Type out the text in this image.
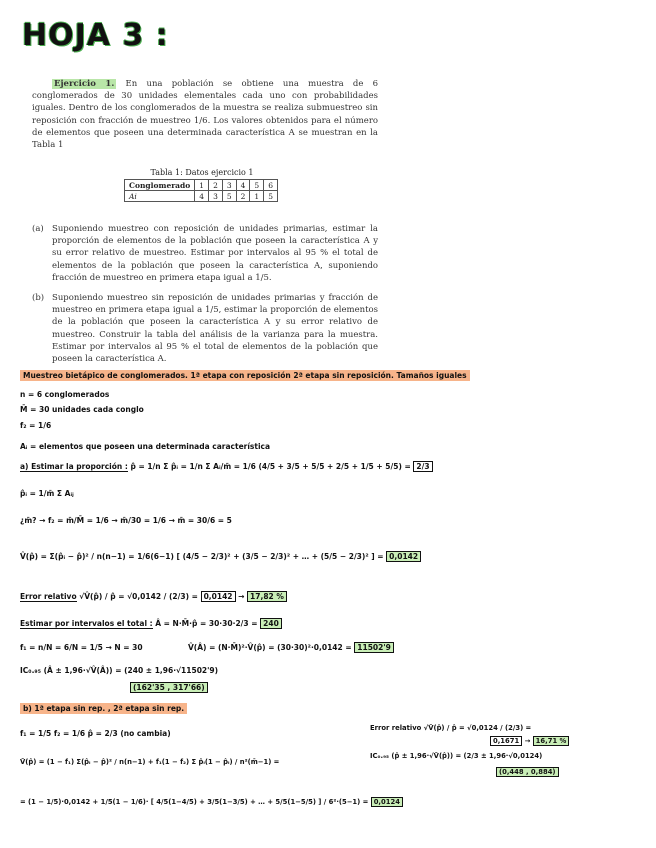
HOJA 3 :
Ejercicio 1. En una población se obtiene una muestra de 6 conglomerados de 30 unidades elementales cada uno con probabilidades iguales. Dentro de los conglomerados de la muestra se realiza submuestreo sin reposición con fracción de muestreo 1/6. Los valores obtenidos para el número de elementos que poseen una determinada característica A se muestran en la Tabla 1
Tabla 1: Datos ejercicio 1
Conglomerado	1	2	3	4	5	6
Ai	4	3	5	2	1	5
(a) Suponiendo muestreo con reposición de unidades primarias, estimar la proporción de elementos de la población que poseen la característica A y su error relativo de muestreo. Estimar por intervalos al 95 % el total de elementos de la población que poseen la característica A, suponiendo fracción de muestreo en primera etapa igual a 1/5.
(b) Suponiendo muestreo sin reposición de unidades primarias y fracción de muestreo en primera etapa igual a 1/5, estimar la proporción de elementos de la población que poseen la característica A y su error relativo de muestreo. Construir la tabla del análisis de la varianza para la muestra. Estimar por intervalos al 95 % el total de elementos de la población que poseen la característica A.
Muestreo bietápico de conglomerados. 1ª etapa con reposición 2ª etapa sin reposición. Tamaños iguales
n = 6 conglomerados
M̄ = 30 unidades cada conglo
f₂ = 1/6
Aᵢ = elementos que poseen una determinada característica
a) Estimar la proporción : p̂ = 1/n Σ p̂ᵢ = 1/n Σ Aᵢ/m̄ = 1/6 (4/5 + 3/5 + 5/5 + 2/5 + 1/5 + 5/5) = 2/3
p̂ᵢ = 1/m̄ Σ Aᵢⱼ
¿m̄? → f₂ = m̄/M̄ = 1/6 → m̄/30 = 1/6 → m̄ = 30/6 = 5
V̂(p̂) = Σ(p̂ᵢ − p̂)² / n(n−1) = 1/6(6−1) [ (4/5 − 2/3)² + (3/5 − 2/3)² + … + (5/5 − 2/3)² ] = 0,0142
Error relativo √V̂(p̂) / p̂ = √0,0142 / (2/3) = 0,0142 → 17,82 %
Estimar por intervalos el total : Â = N·M̄·p̂ = 30·30·2/3 = 240
f₁ = n/N = 6/N = 1/5 → N = 30	V̂(Â) = (N·M̄)²·V̂(p̂) = (30·30)²·0,0142 = 11502'9
IC₀.₉₅ (Â ± 1,96·√V̂(Â)) = (240 ± 1,96·√11502'9)
(162'35 , 317'66)
b) 1ª etapa sin rep. , 2ª etapa sin rep.
f₁ = 1/5 f₂ = 1/6 p̂ = 2/3 (no cambia)
V̂(p̂) = (1 − f₁) Σ(p̂ᵢ − p̂)² / n(n−1) + f₁(1 − f₂) Σ p̂ᵢ(1 − p̂ᵢ) / n²(m̄−1) =
= (1 − 1/5)·0,0142 + 1/5(1 − 1/6)· [ 4/5(1−4/5) + 3/5(1−3/5) + … + 5/5(1−5/5) ] / 6²·(5−1) = 0,0124
Error relativo √V̂(p̂) / p̂ = √0,0124 / (2/3) =
0,1671 → 16,71 %
IC₀.₉₅ (p̂ ± 1,96·√V̂(p̂)) = (2/3 ± 1,96·√0,0124)
(0,448 , 0,884)
